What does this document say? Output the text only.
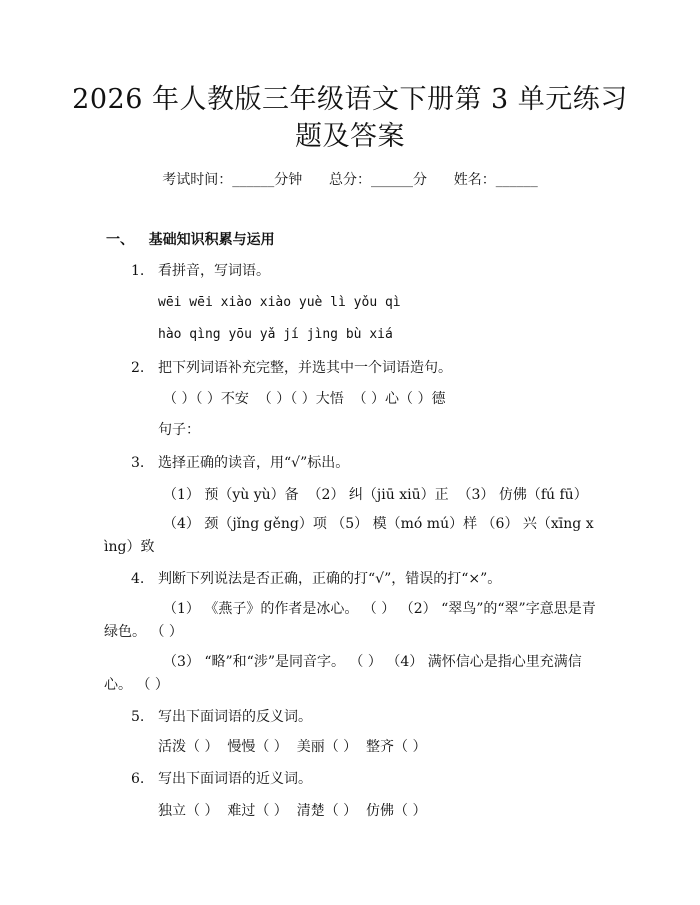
2026 年人教版三年级语文下册第 3 单元练习
题及答案
考试时间：______分钟      总分：______分      姓名：______
一、   基础知识积累与运用
1. 看拼音，写词语。
wēi wēi xiào xiào yuè lì yǒu qì
hào qìng yōu yǎ jí jìng bù xiá
2. 把下列词语补充完整，并选其中一个词语造句。
（ ）（ ）不安  （ ）（ ）大悟  （ ）心（ ）德
句子：
3. 选择正确的读音，用“√”标出。
（1） 预（yù yù）备  （2） 纠（jiū xiū）正  （3） 仿佛（fú fū）
（4） 颈（jǐng gěng）项 （5） 模（mó mú）样 （6） 兴（xīng xìng）致
4. 判断下列说法是否正确，正确的打“√”，错误的打“×”。
（1） 《燕子》的作者是冰心。 （ ） （2） “翠鸟”的“翠”字意思是青绿色。 （ ）
（3） “略”和“涉”是同音字。 （ ） （4） 满怀信心是指心里充满信心。 （ ）
5. 写出下面词语的反义词。
活泼（ ）  慢慢（ ）  美丽（ ）  整齐（ ）
6. 写出下面词语的近义词。
独立（ ）  难过（ ）  清楚（ ）  仿佛（ ）
